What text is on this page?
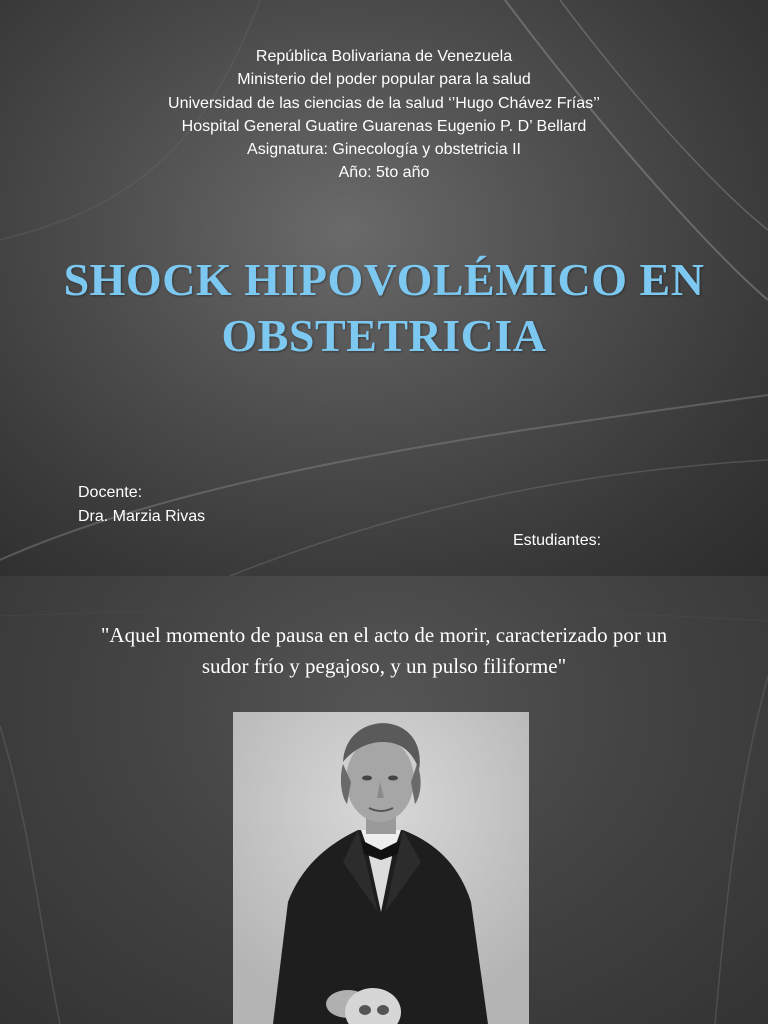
República Bolivariana de Venezuela
Ministerio del poder popular para la salud
Universidad de las ciencias de la salud ‘’Hugo Chávez Frías’’
Hospital General Guatire Guarenas Eugenio P. D’ Bellard
Asignatura: Ginecología y obstetricia II
Año: 5to año
SHOCK HIPOVOLÉMICO EN
OBSTETRICIA
Docente:
Dra. Marzia Rivas

Estudiantes:

"Aquel momento de pausa en el acto de morir, caracterizado por un
sudor frío y pegajoso, y un pulso filiforme"
